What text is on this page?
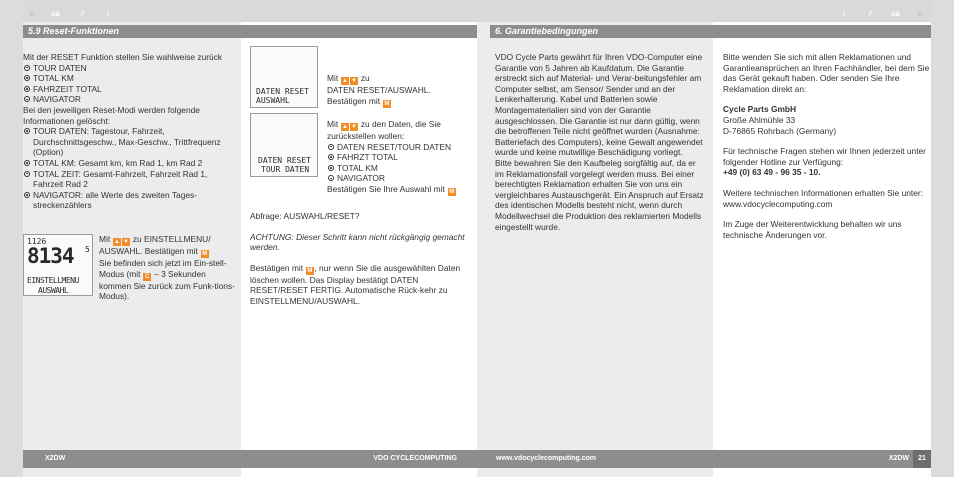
D	GB	F	I	I	F	GB	D
5.9 Reset-Funktionen	6. Garantiebedingungen

Mit der RESET Funktion stellen Sie wahlweise zurück

TOUR DATEN
TOTAL KM
FAHRZEIT TOTAL
NAVIGATOR

Bei den jeweiligen Reset-Modi werden folgende Informationen gelöscht:

TOUR DATEN: Tagestour, Fahrzeit, Durchschnittsgeschw., Max-Geschw., Trittfrequenz (Option)
TOTAL KM: Gesamt km, km Rad 1, km Rad 2
TOTAL ZEIT: Gesamt-Fahrzeit, Fahrzeit Rad 1, Fahrzeit Rad 2
NAVIGATOR: alle Werte des zweiten Tages-streckenzählers
1126
8134 5
EINSTELLMENU
AUSWAHL

Mit ▲ ▼ zu EINSTELLMENU/ AUSWAHL. Bestätigen mit M
Sie befinden sich jetzt im Ein-stell-Modus (mit C – 3 Sekunden kommen Sie zurück zum Funk-tions-Modus).

DATEN RESET
AUSWAHL

Mit ▲ ▼ zu

DATEN RESET/AUSWAHL.

Bestätigen mit M

DATEN RESET
TOUR DATEN

Mit ▲ ▼ zu den Daten, die Sie zurückstellen wollen:

DATEN RESET/TOUR DATEN
FAHRZT TOTAL
TOTAL KM
NAVIGATOR

Bestätigen Sie Ihre Auswahl mit M

Abfrage: AUSWAHL/RESET?

ACHTUNG: Dieser Schritt kann nicht rückgängig gemacht werden.

Bestätigen mit M , nur wenn Sie die ausgewählten Daten löschen wollen. Das Display bestätigt DATEN RESET/RESET FERTIG. Automatische Rück-kehr zu EINSTELLMENU/AUSWAHL.

VDO Cycle Parts gewährt für Ihren VDO-Computer eine Garantie von 5 Jahren ab Kaufdatum. Die Garantie erstreckt sich auf Material- und Verar-beitungsfehler am Computer selbst, am Sensor/ Sender und an der Lenkerhalterung. Kabel und Batterien sowie Montagematerialien sind von der Garantie ausgeschlossen. Die Garantie ist nur dann gültig, wenn die betroffenen Teile nicht geöffnet wurden (Ausnahme: Batteriefach des Computers), keine Gewalt angewendet wurde und keine mutwillige Beschädigung vorliegt.

Bitte bewahren Sie den Kaufbeleg sorgfältig auf, da er im Reklamationsfall vorgelegt werden muss. Bei einer berechtigten Reklamation erhalten Sie von uns ein vergleichbares Austauschgerät. Ein Anspruch auf Ersatz des identischen Modells besteht nicht, wenn durch Modellwechsel die Produktion des reklamierten Modells eingestellt wurde.

Bitte wenden Sie sich mit allen Reklamationen und Garantieansprüchen an Ihren Fachhändler, bei dem Sie das Gerät gekauft haben. Oder senden Sie Ihre Reklamation direkt an:

Cycle Parts GmbH

Große Ahlmühle 33

D-76865 Rohrbach (Germany)

Für technische Fragen stehen wir Ihnen jederzeit unter folgender Hotline zur Verfügung:

+49 (0) 63 49 - 96 35 - 10.

Weitere technischen Informationen erhalten Sie unter: www.vdocyclecomputing.com

Im Zuge der Weiterentwicklung behalten wir uns technische Änderungen vor.

X2DW	VDO CYCLECOMPUTING	www.vdocyclecomputing.com	X2DW	21
